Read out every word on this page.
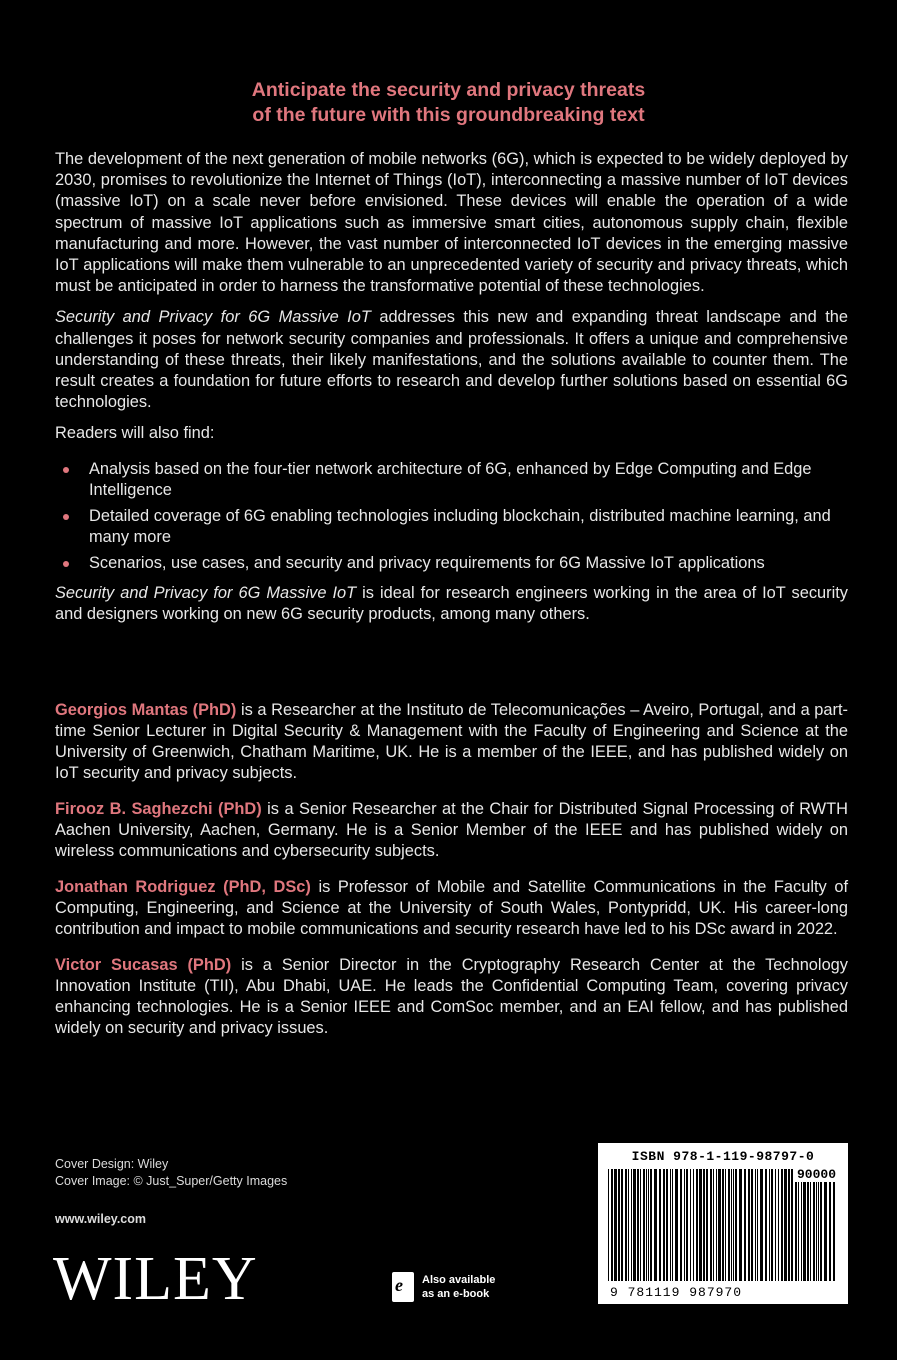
Anticipate the security and privacy threats
of the future with this groundbreaking text

The development of the next generation of mobile networks (6G), which is expected to be widely deployed by 2030, promises to revolutionize the Internet of Things (IoT), interconnecting a massive number of IoT devices (massive IoT) on a scale never before envisioned. These devices will enable the operation of a wide spectrum of massive IoT applications such as immersive smart cities, autonomous supply chain, flexible manufacturing and more. However, the vast number of interconnected IoT devices in the emerging massive IoT applications will make them vulnerable to an unprecedented variety of security and privacy threats, which must be anticipated in order to harness the transformative potential of these technologies.

Security and Privacy for 6G Massive IoT addresses this new and expanding threat landscape and the challenges it poses for network security companies and professionals. It offers a unique and comprehensive understanding of these threats, their likely manifestations, and the solutions available to counter them. The result creates a foundation for future efforts to research and develop further solutions based on essential 6G technologies.

Readers will also find:

Analysis based on the four-tier network architecture of 6G, enhanced by Edge Computing and Edge Intelligence
Detailed coverage of 6G enabling technologies including blockchain, distributed machine learning, and many more
Scenarios, use cases, and security and privacy requirements for 6G Massive IoT applications

Security and Privacy for 6G Massive IoT is ideal for research engineers working in the area of IoT security and designers working on new 6G security products, among many others.

Georgios Mantas (PhD) is a Researcher at the Instituto de Telecomunicações – Aveiro, Portugal, and a part-time Senior Lecturer in Digital Security & Management with the Faculty of Engineering and Science at the University of Greenwich, Chatham Maritime, UK. He is a member of the IEEE, and has published widely on IoT security and privacy subjects.

Firooz B. Saghezchi (PhD) is a Senior Researcher at the Chair for Distributed Signal Processing of RWTH Aachen University, Aachen, Germany. He is a Senior Member of the IEEE and has published widely on wireless communications and cybersecurity subjects.

Jonathan Rodriguez (PhD, DSc) is Professor of Mobile and Satellite Communications in the Faculty of Computing, Engineering, and Science at the University of South Wales, Pontypridd, UK. His career-long contribution and impact to mobile communications and security research have led to his DSc award in 2022.

Victor Sucasas (PhD) is a Senior Director in the Cryptography Research Center at the Technology Innovation Institute (TII), Abu Dhabi, UAE. He leads the Confidential Computing Team, covering privacy enhancing technologies. He is a Senior IEEE and ComSoc member, and an EAI fellow, and has published widely on security and privacy issues.

Cover Design: Wiley
Cover Image: © Just_Super/Getty Images
www.wiley.com
WILEY	e Also available
as an e-book
ISBN 978-1-119-98797-0
90000
9 781119 987970
